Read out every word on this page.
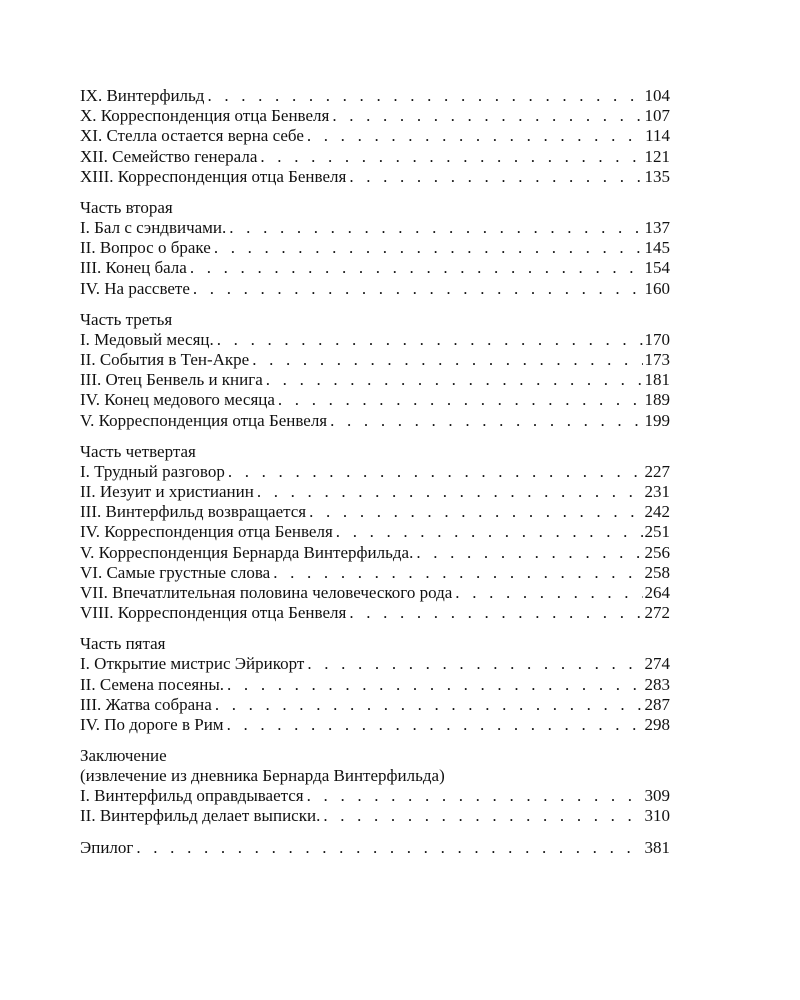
IX. Винтерфильд . . .	104
X. Корреспонденция отца Бенвеля . . .	107
XI. Стелла остается верна себе . . .	114
XII. Семейство генерала . . .	121
XIII. Корреспонденция отца Бенвеля . . .	135
Часть вторая
I. Бал с сэндвичами. . . .	137
II. Вопрос о браке . . .	145
III. Конец бала . . .	154
IV. На рассвете . . .	160
Часть третья
I. Медовый месяц. . . .	170
II. События в Тен-Акре . . .	173
III. Отец Бенвель и книга . . .	181
IV. Конец медового месяца . . .	189
V. Корреспонденция отца Бенвеля . . .	199
Часть четвертая
I. Трудный разговор . . .	227
II. Иезуит и христианин . . .	231
III. Винтерфильд возвращается . . .	242
IV. Корреспонденция отца Бенвеля . . .	251
V. Корреспонденция Бернарда Винтерфильда. . . .	256
VI. Самые грустные слова . . .	258
VII. Впечатлительная половина человеческого рода . . .	264
VIII. Корреспонденция отца Бенвеля . . .	272
Часть пятая
I. Открытие мистрис Эйрикорт . . .	274
II. Семена посеяны. . . .	283
III. Жатва собрана . . .	287
IV. По дороге в Рим . . .	298
Заключение
(извлечение из дневника Бернарда Винтерфильда)
I. Винтерфильд оправдывается . . .	309
II. Винтерфильд делает выписки. . . .	310
Эпилог . . .	381
